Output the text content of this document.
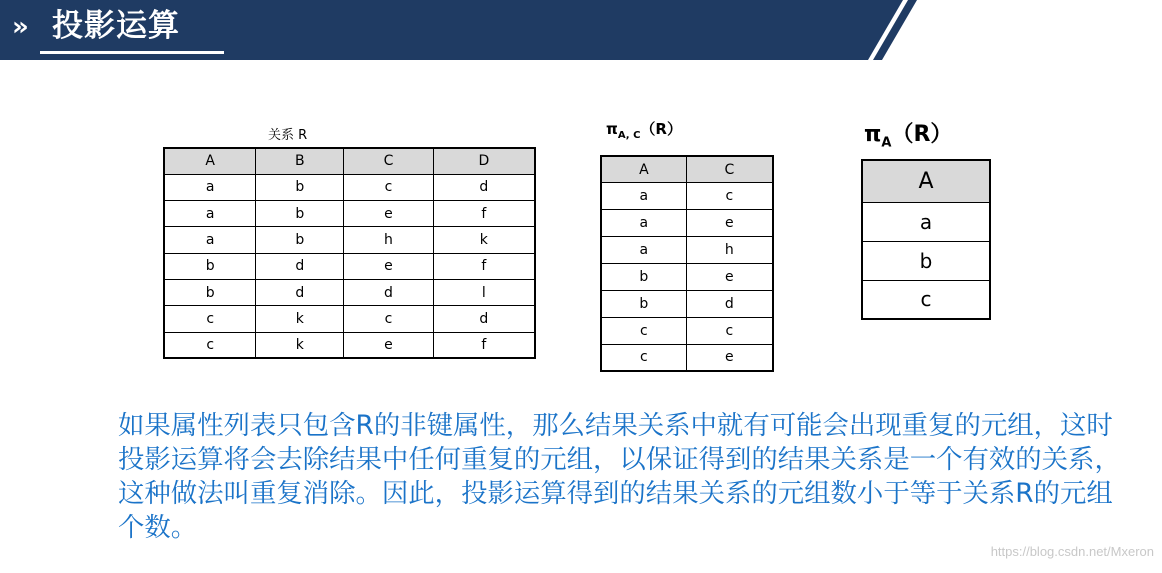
» 投影运算
关系 R
A	B	C	D
a	b	c	d
a	b	e	f
a	b	h	k
b	d	e	f
b	d	d	l
c	k	c	d
c	k	e	f
$\pi_{A, C}(R)$
A	C
a	c
a	e
a	h
b	e
b	d
c	c
c	e
$\pi_A(R)$
A
a
b
c
如果属性列表只包含R的非键属性，那么结果关系中就有可能会出现重复的元组，这时投影运算将会去除结果中任何重复的元组，以保证得到的结果关系是一个有效的关系，这种做法叫重复消除。因此，投影运算得到的结果关系的元组数小于等于关系R的元组个数。
https://blog.csdn.net/Mxeron
